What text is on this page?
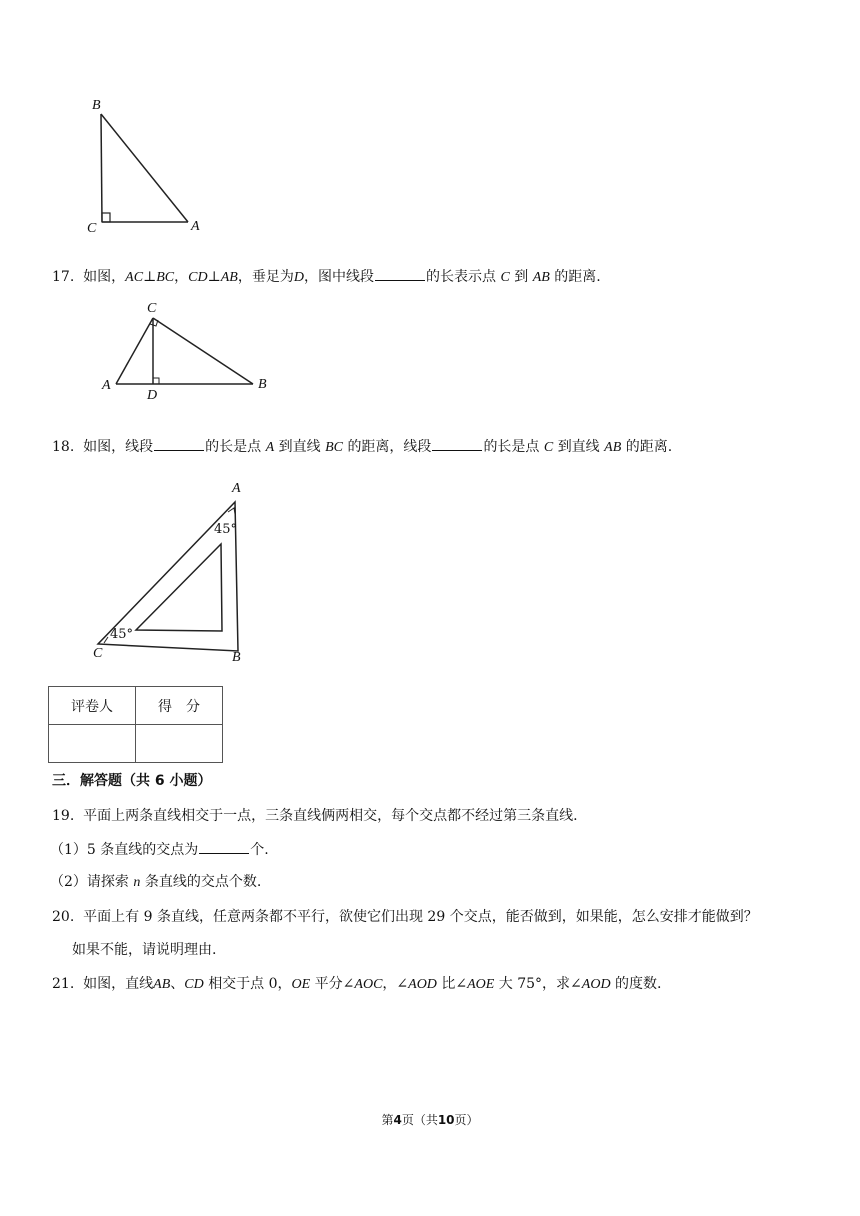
B
C	A
17. 如图，AC⊥BC，CD⊥AB，垂足为D，图中线段	的长表示点 C 到 AB 的距离.
C
A
D
B
18. 如图，线段	的长是点 A 到直线 BC 的距离，线段	的长是点 C 到直线 AB 的距离.
A
C	B
45°
45°
评卷人	得　分

三．解答题（共 6 小题）
19. 平面上两条直线相交于一点，三条直线俩两相交，每个交点都不经过第三条直线.
（1）5 条直线的交点为	个.
（2）请探索 n 条直线的交点个数.
20. 平面上有 9 条直线，任意两条都不平行，欲使它们出现 29 个交点，能否做到，如果能，怎么安排才能做到？
如果不能，请说明理由.
21. 如图，直线AB、CD 相交于点 0，OE 平分∠AOC，∠AOD 比∠AOE 大 75°，求∠AOD 的度数.
第4页（共10页）
